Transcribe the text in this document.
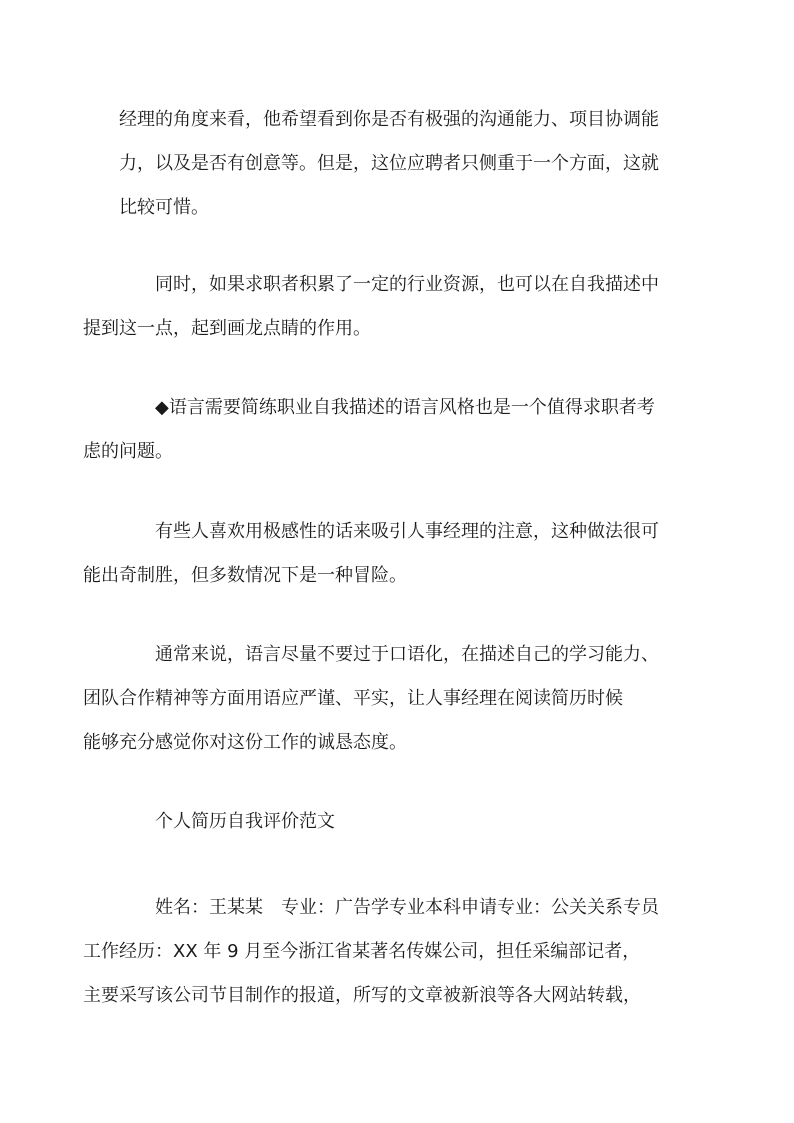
经理的角度来看，他希望看到你是否有极强的沟通能力、项目协调能
力，以及是否有创意等。但是，这位应聘者只侧重于一个方面，这就
比较可惜。
同时，如果求职者积累了一定的行业资源，也可以在自我描述中
提到这一点，起到画龙点睛的作用。
◆语言需要简练职业自我描述的语言风格也是一个值得求职者考
虑的问题。
有些人喜欢用极感性的话来吸引人事经理的注意，这种做法很可
能出奇制胜，但多数情况下是一种冒险。
通常来说，语言尽量不要过于口语化，在描述自己的学习能力、
团队合作精神等方面用语应严谨、平实，让人事经理在阅读简历时候
能够充分感觉你对这份工作的诚恳态度。
个人简历自我评价范文
姓名：王某某 专业：广告学专业本科申请专业：公关关系专员
工作经历：XX 年 9 月至今浙江省某著名传媒公司，担任采编部记者，
主要采写该公司节目制作的报道，所写的文章被新浪等各大网站转载，
